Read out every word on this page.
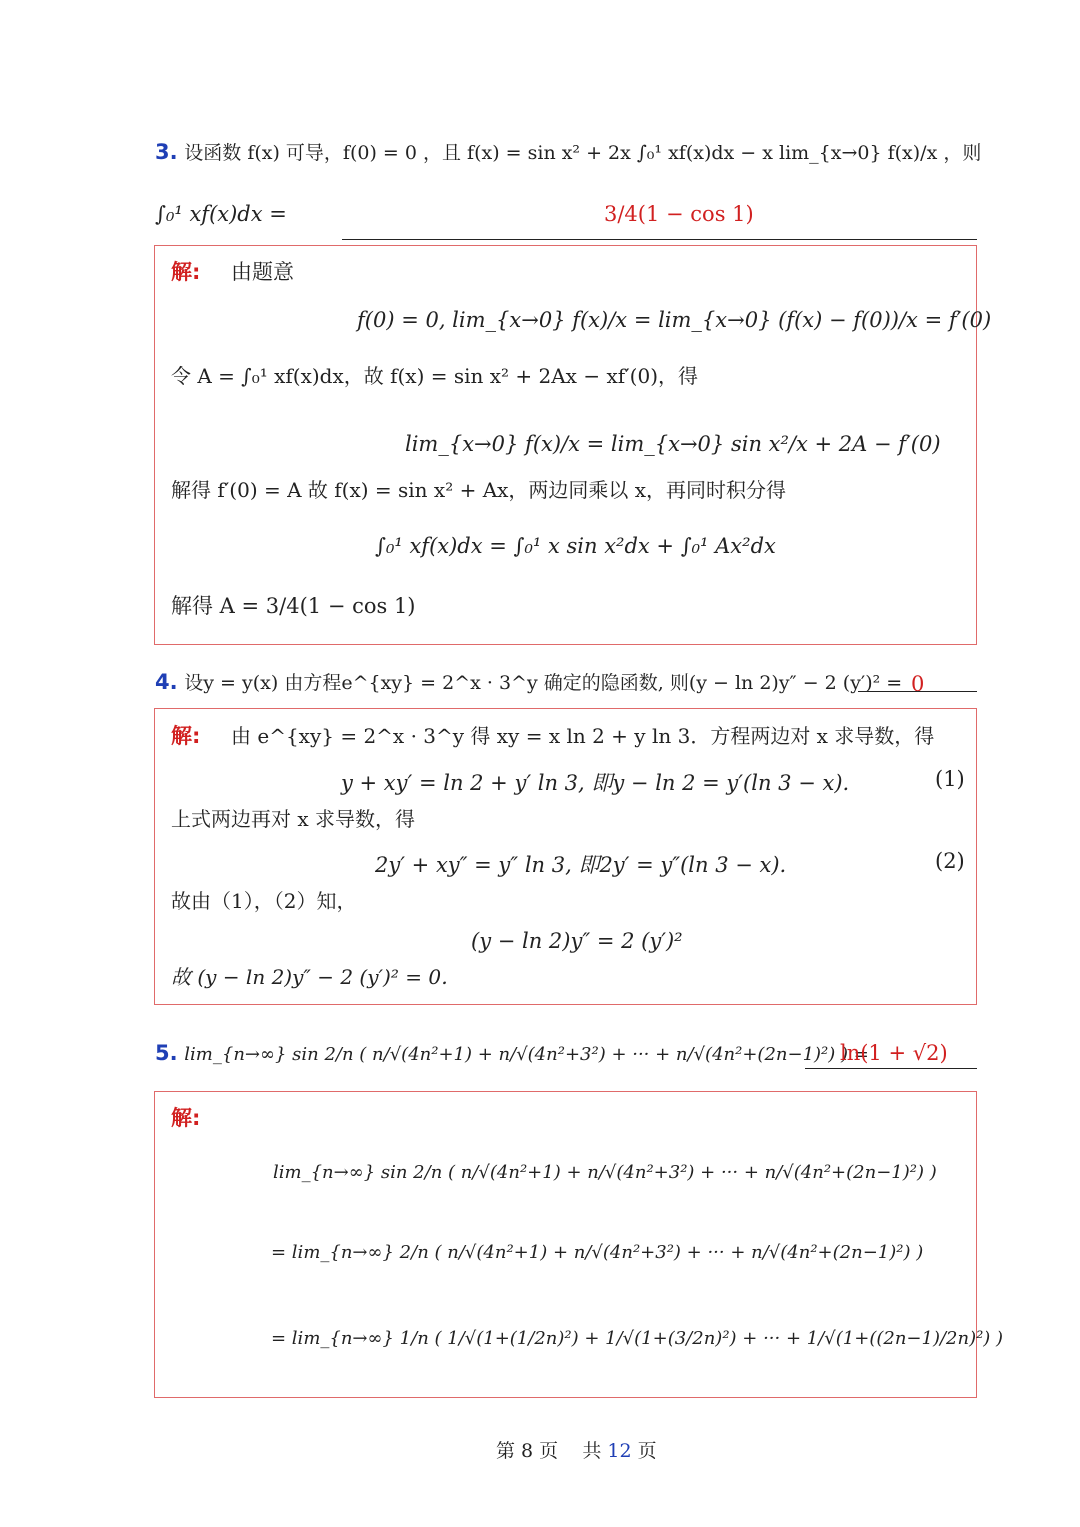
3. 设函数 f(x) 可导，f(0) = 0 ，且 f(x) = sin x² + 2x ∫₀¹ xf(x)dx − x lim_{x→0} f(x)/x ，则
∫₀¹ xf(x)dx =	3/4(1 − cos 1)
解: 由题意
f(0) = 0, lim_{x→0} f(x)/x = lim_{x→0} (f(x) − f(0))/x = f′(0)
令 A = ∫₀¹ xf(x)dx，故 f(x) = sin x² + 2Ax − xf′(0)，得
lim_{x→0} f(x)/x = lim_{x→0} sin x²/x + 2A − f′(0)
解得 f′(0) = A 故 f(x) = sin x² + Ax，两边同乘以 x，再同时积分得
∫₀¹ xf(x)dx = ∫₀¹ x sin x²dx + ∫₀¹ Ax²dx
解得 A = 3/4(1 − cos 1)
4. 设y = y(x) 由方程e^{xy} = 2^x · 3^y 确定的隐函数, 则(y − ln 2)y″ − 2 (y′)² = 0
解: 由 e^{xy} = 2^x · 3^y 得 xy = x ln 2 + y ln 3．方程两边对 x 求导数，得
y + xy′ = ln 2 + y′ ln 3, 即y − ln 2 = y′(ln 3 − x).	(1)
上式两边再对 x 求导数，得
2y′ + xy″ = y″ ln 3, 即2y′ = y″(ln 3 − x).	(2)
故由（1），（2）知，
(y − ln 2)y″ = 2 (y′)²
故 (y − ln 2)y″ − 2 (y′)² = 0．
5. lim_{n→∞} sin 2/n ( n/√(4n²+1) + n/√(4n²+3²) + ··· + n/√(4n²+(2n−1)²) ) =
ln(1 + √2)
解:
lim_{n→∞} sin 2/n ( n/√(4n²+1) + n/√(4n²+3²) + ··· + n/√(4n²+(2n−1)²) )
= lim_{n→∞} 2/n ( n/√(4n²+1) + n/√(4n²+3²) + ··· + n/√(4n²+(2n−1)²) )
= lim_{n→∞} 1/n ( 1/√(1+(1/2n)²) + 1/√(1+(3/2n)²) + ··· + 1/√(1+((2n−1)/2n)²) )
第 8 页 共 12 页
